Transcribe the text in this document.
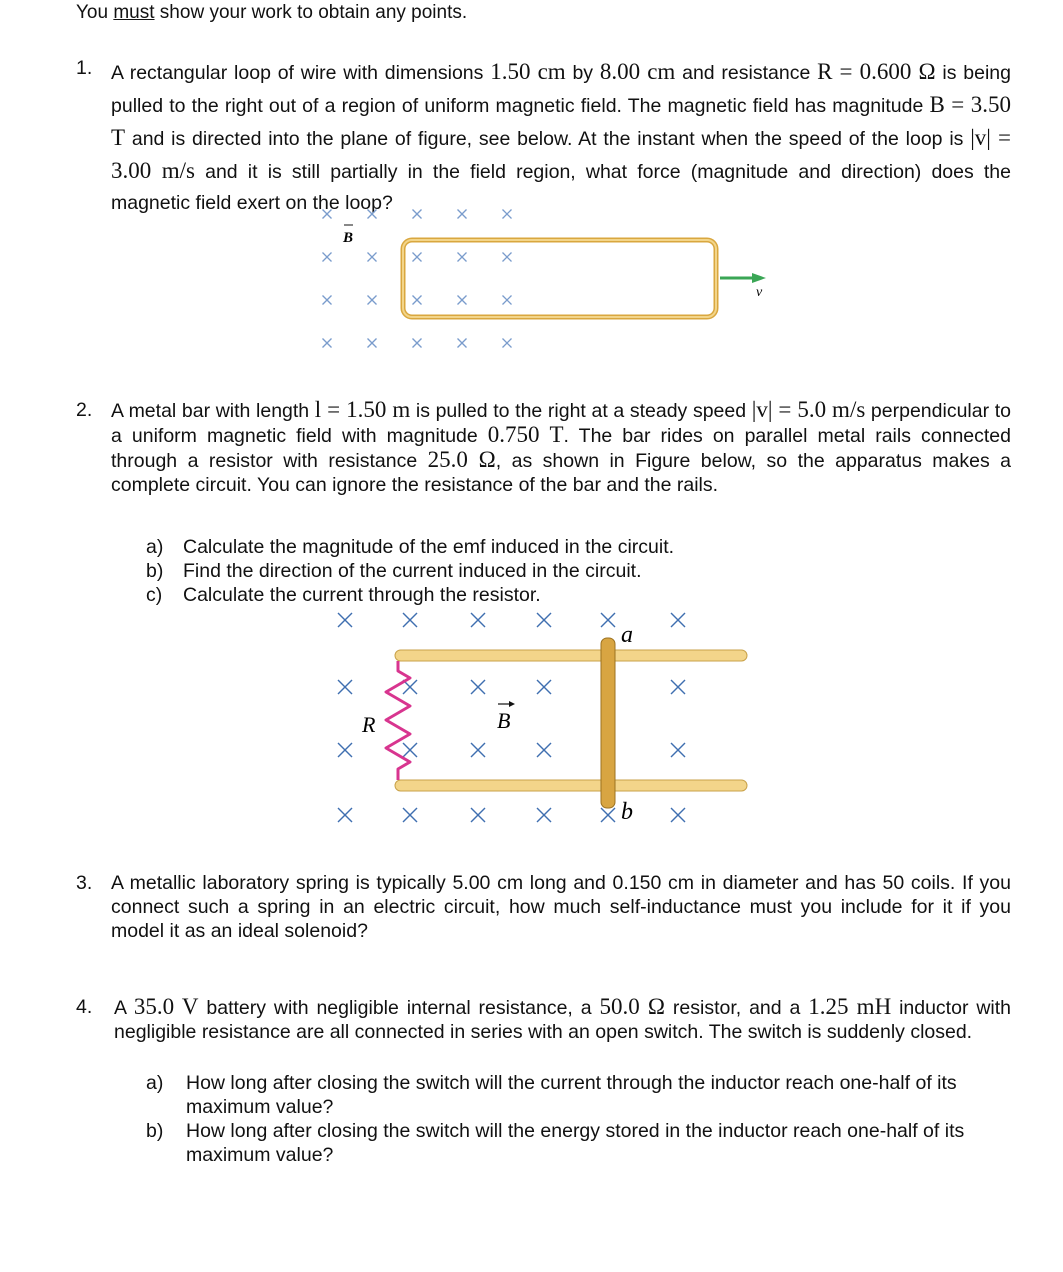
You must show your work to obtain any points.
1. A rectangular loop of wire with dimensions 1.50 cm by 8.00 cm and resistance R = 0.600 Ω is being pulled to the right out of a region of uniform magnetic field. The magnetic field has magnitude B = 3.50 T and is directed into the plane of figure, see below. At the instant when the speed of the loop is |v| = 3.00 m/s and it is still partially in the field region, what force (magnitude and direction) does the magnetic field exert on the loop?
B
v
2. A metal bar with length l = 1.50 m is pulled to the right at a steady speed |v| = 5.0 m/s perpendicular to a uniform magnetic field with magnitude 0.750 T. The bar rides on parallel metal rails connected through a resistor with resistance 25.0 Ω, as shown in Figure below, so the apparatus makes a complete circuit. You can ignore the resistance of the bar and the rails.
a) Calculate the magnitude of the emf induced in the circuit.
b) Find the direction of the current induced in the circuit.
c) Calculate the current through the resistor.
R	B
a
b
3. A metallic laboratory spring is typically 5.00 cm long and 0.150 cm in diameter and has 50 coils. If you connect such a spring in an electric circuit, how much self-inductance must you include for it if you model it as an ideal solenoid?
4. A 35.0 V battery with negligible internal resistance, a 50.0 Ω resistor, and a 1.25 mH inductor with negligible resistance are all connected in series with an open switch. The switch is suddenly closed.
a) How long after closing the switch will the current through the inductor reach one-half of its maximum value?
b) How long after closing the switch will the energy stored in the inductor reach one-half of its maximum value?
